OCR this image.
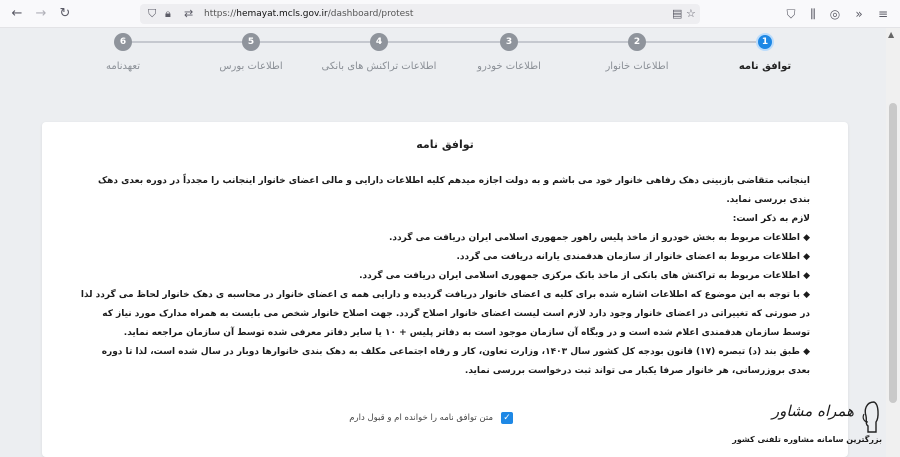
← → ↻	⛉ 🔒︎ ⇄ https://hemayat.mcls.gov.ir/dashboard/protest	▤ ☆	⛉	⫼	◎	»	≡
1
توافق نامه
2
اطلاعات خانوار
3
اطلاعات خودرو
4
اطلاعات تراکنش های بانکی
5
اطلاعات بورس
6
تعهدنامه
توافق نامه

اینجانب متقاضی بازبینی دهک رفاهی خانوار خود می باشم و به دولت اجازه میدهم کلیه اطلاعات دارایی و مالی اعضای خانوار اینجانب را مجدداً در دوره بعدی دهک بندی بررسی نماید.

لازم به ذکر است:

◆ اطلاعات مربوط به بخش خودرو از ماخذ پلیس راهور جمهوری اسلامی ایران دریافت می گردد.

◆ اطلاعات مربوط به اعضای خانوار از سازمان هدفمندی یارانه دریافت می گردد.

◆ اطلاعات مربوط به تراکنش های بانکی از ماخذ بانک مرکزی جمهوری اسلامی ایران دریافت می گردد.

◆ با توجه به این موضوع که اطلاعات اشاره شده برای کلیه ی اعضای خانوار دریافت گردیده و دارایی همه ی اعضای خانوار در محاسبه ی دهک خانوار لحاظ می گردد لذا در صورتی که تغییراتی در اعضای خانوار وجود دارد لازم است لیست اعضای خانوار اصلاح گردد. جهت اصلاح خانوار شخص می بایست به همراه مدارک مورد نیاز که توسط سازمان هدفمندی اعلام شده است و در وبگاه آن سازمان موجود است به دفاتر پلیس + ۱۰ یا سایر دفاتر معرفی شده توسط آن سازمان مراجعه نماید.

◆ طبق بند (د) تبصره (۱۷) قانون بودجه کل کشور سال ۱۴۰۳، وزارت تعاون، کار و رفاه اجتماعی مکلف به دهک بندی خانوارها دوبار در سال شده است، لذا تا دوره بعدی بروزرسانی، هر خانوار صرفا یکبار می تواند ثبت درخواست بررسی نماید.

✓
متن توافق نامه را خوانده ام و قبول دارم
▲
همراه مشاور
بزرگترین سامانه مشاوره تلفنی کشور
